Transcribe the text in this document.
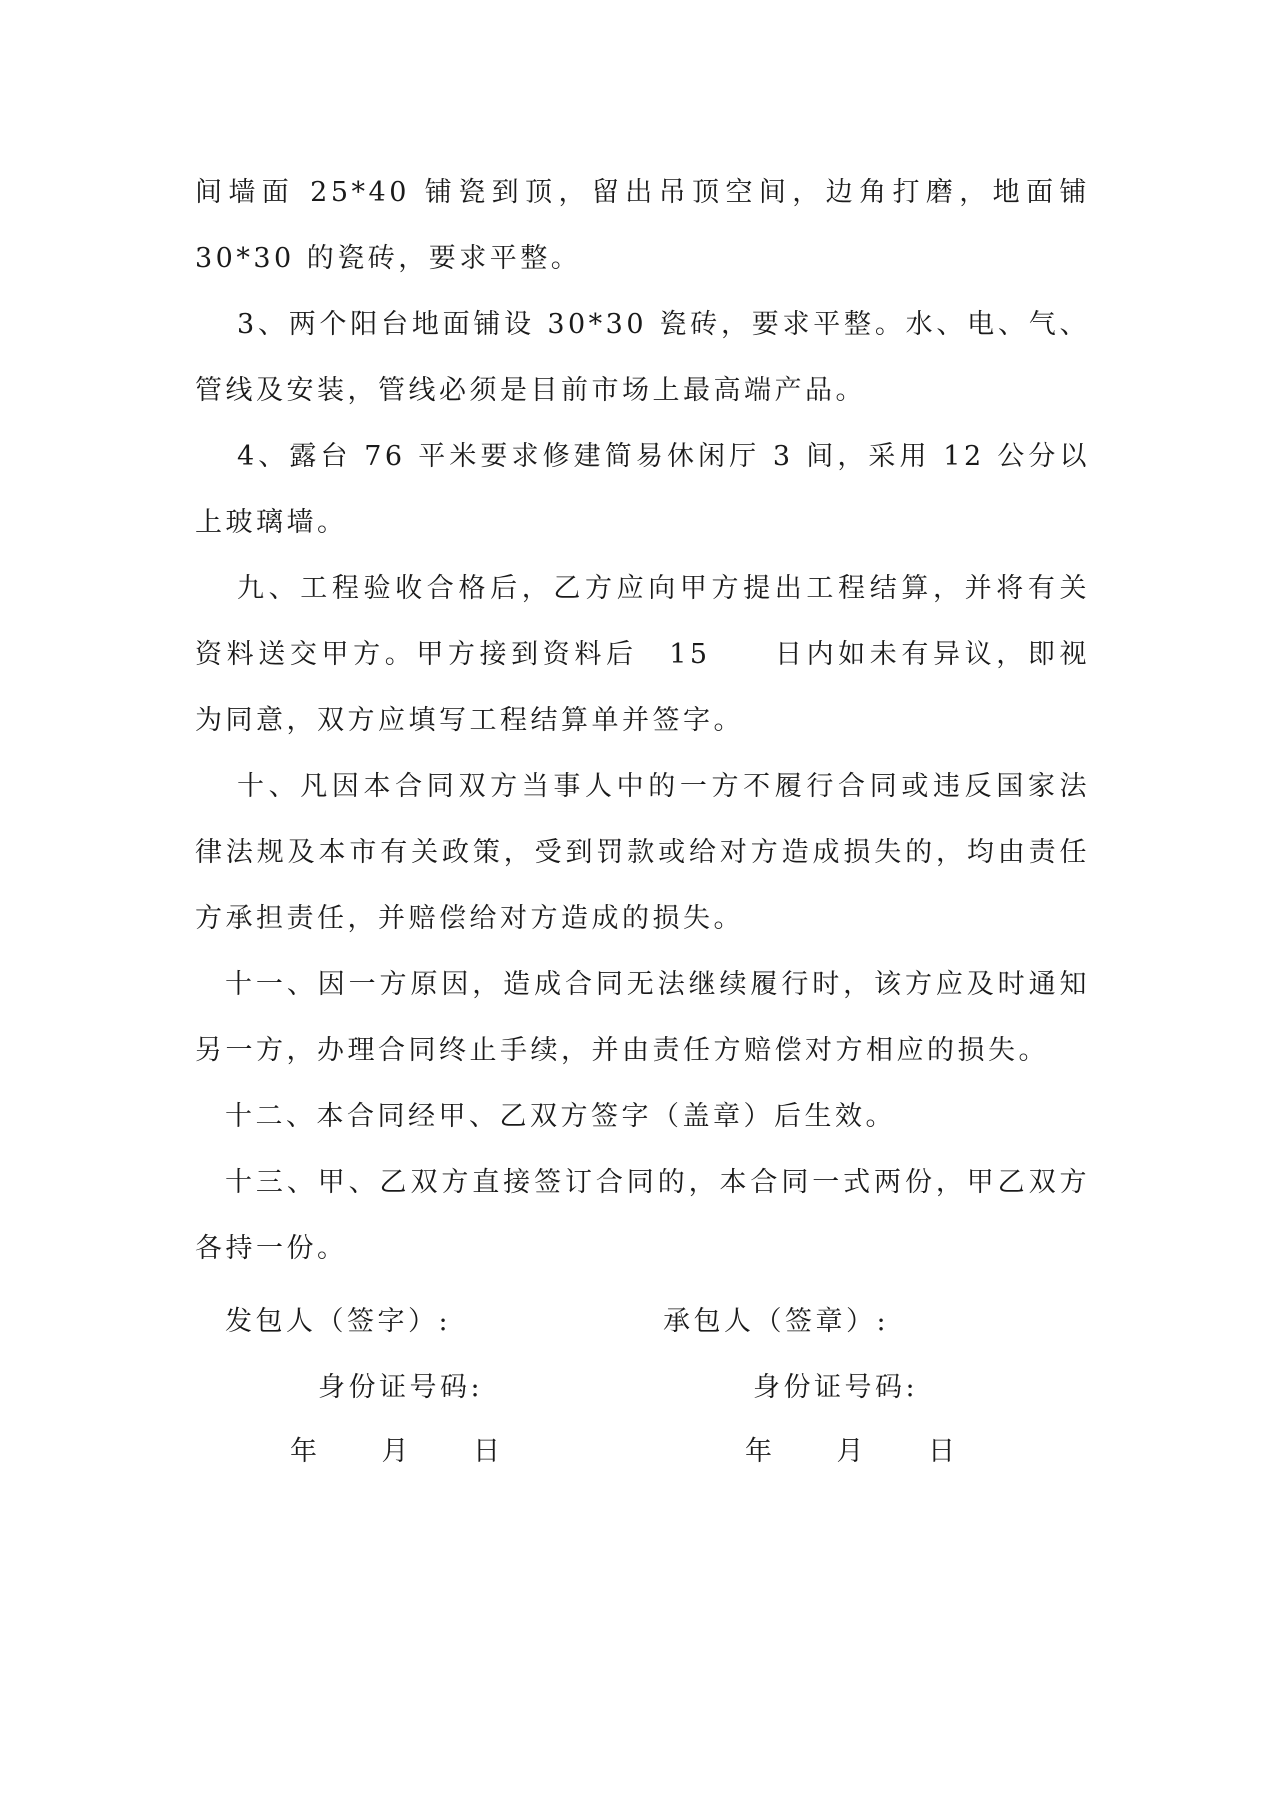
间墙面 25*40 铺瓷到顶，留出吊顶空间，边角打磨，地面铺 30*30 的瓷砖，要求平整。

3、两个阳台地面铺设 30*30 瓷砖，要求平整。水、电、气、管线及安装，管线必须是目前市场上最高端产品。

4、露台 76 平米要求修建简易休闲厅 3 间，采用 12 公分以上玻璃墙。

九、工程验收合格后，乙方应向甲方提出工程结算，并将有关资料送交甲方。甲方接到资料后　15　　日内如未有异议，即视为同意，双方应填写工程结算单并签字。

十、凡因本合同双方当事人中的一方不履行合同或违反国家法律法规及本市有关政策，受到罚款或给对方造成损失的，均由责任方承担责任，并赔偿给对方造成的损失。

十一、因一方原因，造成合同无法继续履行时，该方应及时通知另一方，办理合同终止手续，并由责任方赔偿对方相应的损失。

十二、本合同经甲、乙双方签字（盖章）后生效。

十三、甲、乙双方直接签订合同的，本合同一式两份，甲乙双方各持一份。

发包人（签字）:	承包人（签章）:
身份证号码:	身份证号码:
年　　月　　日	年　　月　　日
